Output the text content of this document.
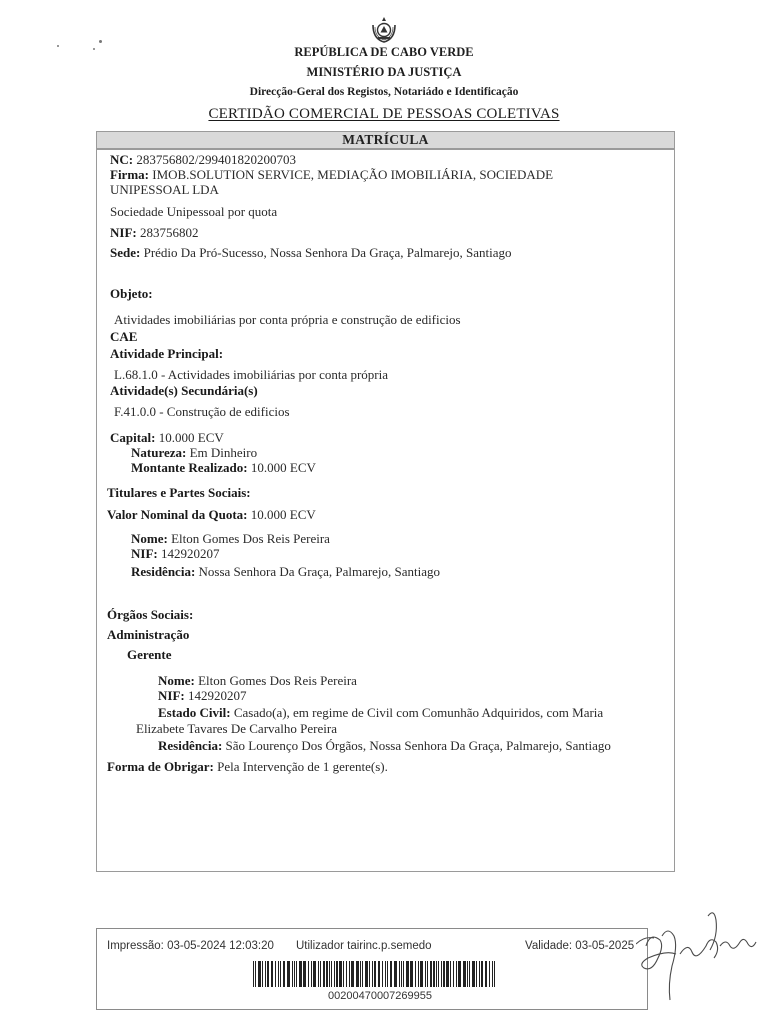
REPÚBLICA DE CABO VERDE
MINISTÉRIO DA JUSTIÇA
Direcção-Geral dos Registos, Notariádo e Identificação
CERTIDÃO COMERCIAL DE PESSOAS COLETIVAS
MATRÍCULA
NC: 283756802/299401820200703
Firma: IMOB.SOLUTION SERVICE, MEDIAÇÃO IMOBILIÁRIA, SOCIEDADE
UNIPESSOAL LDA
Sociedade Unipessoal por quota
NIF: 283756802
Sede: Prédio Da Pró-Sucesso, Nossa Senhora Da Graça, Palmarejo, Santiago
Objeto:
Atividades imobiliárias por conta própria e construção de edificios
CAE
Atividade Principal:
L.68.1.0 - Actividades imobiliárias por conta própria
Atividade(s) Secundária(s)
F.41.0.0 - Construção de edificios
Capital: 10.000 ECV
Natureza: Em Dinheiro
Montante Realizado: 10.000 ECV
Titulares e Partes Sociais:
Valor Nominal da Quota: 10.000 ECV
Nome: Elton Gomes Dos Reis Pereira
NIF: 142920207
Residência: Nossa Senhora Da Graça, Palmarejo, Santiago
Órgãos Sociais:
Administração
Gerente
Nome: Elton Gomes Dos Reis Pereira
NIF: 142920207
Estado Civil: Casado(a), em regime de Civil com Comunhão Adquiridos, com Maria
Elizabete Tavares De Carvalho Pereira
Residência: São Lourenço Dos Órgãos, Nossa Senhora Da Graça, Palmarejo, Santiago
Forma de Obrigar: Pela Intervenção de 1 gerente(s).
Impressão: 03-05-2024 12:03:20 Utilizador tairinc.p.semedo	Validade: 03-05-2025
00200470007269955
